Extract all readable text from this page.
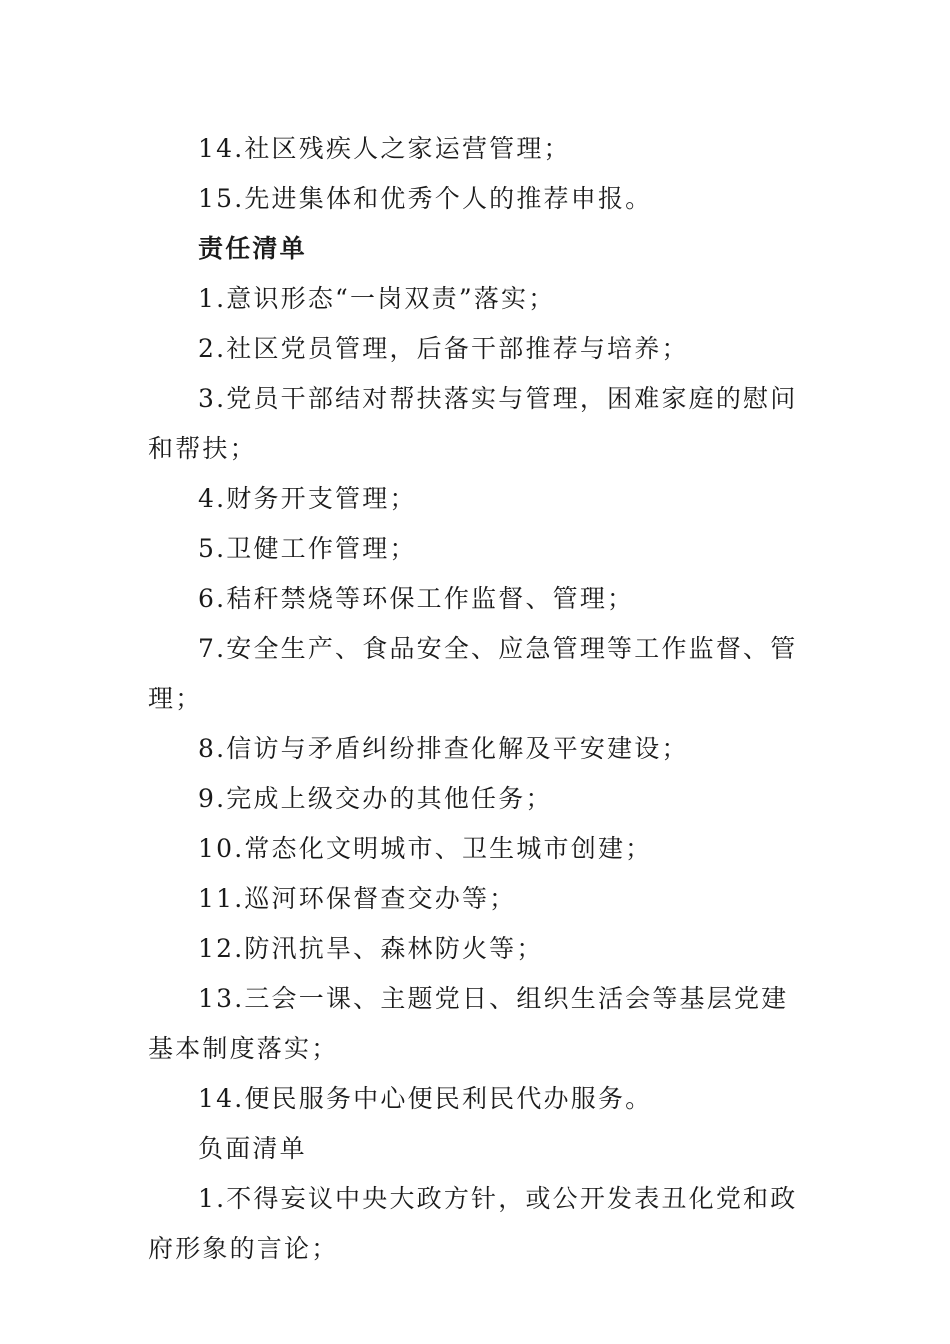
14.社区残疾人之家运营管理；

15.先进集体和优秀个人的推荐申报。

责任清单

1.意识形态“一岗双责”落实；

2.社区党员管理，后备干部推荐与培养；

3.党员干部结对帮扶落实与管理，困难家庭的慰问和帮扶；

4.财务开支管理；

5.卫健工作管理；

6.秸秆禁烧等环保工作监督、管理；

7.安全生产、食品安全、应急管理等工作监督、管理；

8.信访与矛盾纠纷排查化解及平安建设；

9.完成上级交办的其他任务；

10.常态化文明城市、卫生城市创建；

11.巡河环保督查交办等；

12.防汛抗旱、森林防火等；

13.三会一课、主题党日、组织生活会等基层党建基本制度落实；

14.便民服务中心便民利民代办服务。

负面清单

1.不得妄议中央大政方针，或公开发表丑化党和政府形象的言论；
